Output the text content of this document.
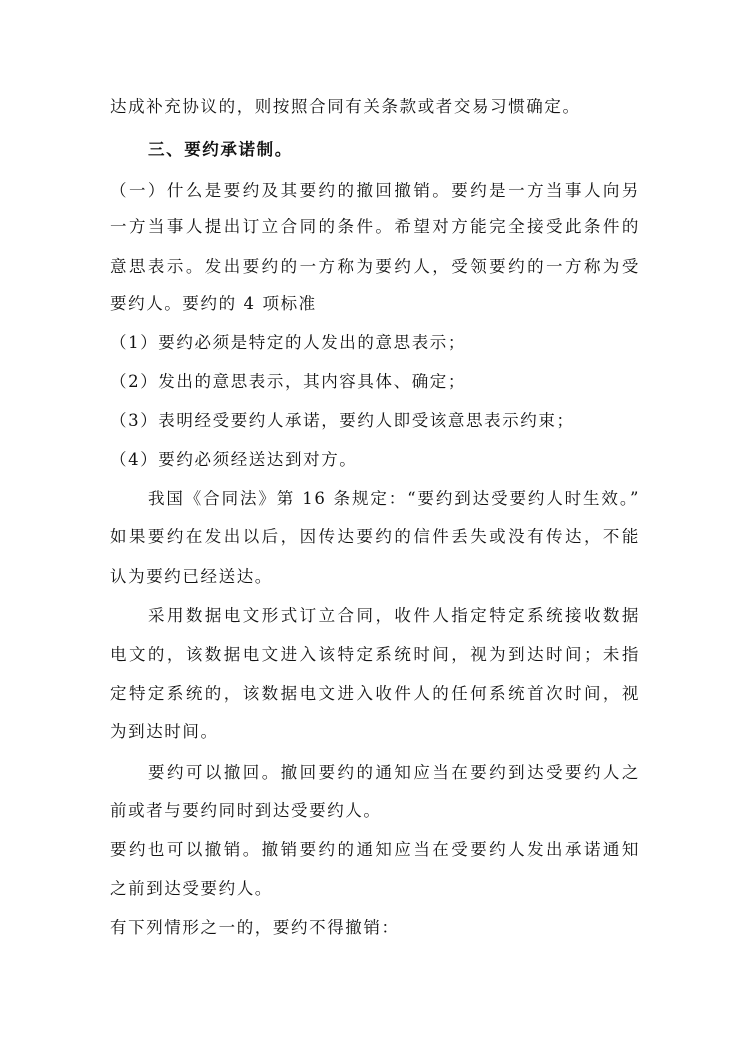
达成补充协议的，则按照合同有关条款或者交易习惯确定。
三、要约承诺制。
（一）什么是要约及其要约的撤回撤销。要约是一方当事人向另
一方当事人提出订立合同的条件。希望对方能完全接受此条件的
意思表示。发出要约的一方称为要约人，受领要约的一方称为受
要约人。要约的 4 项标准
（1）要约必须是特定的人发出的意思表示；
（2）发出的意思表示，其内容具体、确定；
（3）表明经受要约人承诺，要约人即受该意思表示约束；
（4）要约必须经送达到对方。
我国《合同法》第 16 条规定：“要约到达受要约人时生效。”
如果要约在发出以后，因传达要约的信件丢失或没有传达，不能
认为要约已经送达。
采用数据电文形式订立合同，收件人指定特定系统接收数据
电文的，该数据电文进入该特定系统时间，视为到达时间；未指
定特定系统的，该数据电文进入收件人的任何系统首次时间，视
为到达时间。
要约可以撤回。撤回要约的通知应当在要约到达受要约人之
前或者与要约同时到达受要约人。
要约也可以撤销。撤销要约的通知应当在受要约人发出承诺通知
之前到达受要约人。
有下列情形之一的，要约不得撤销：
